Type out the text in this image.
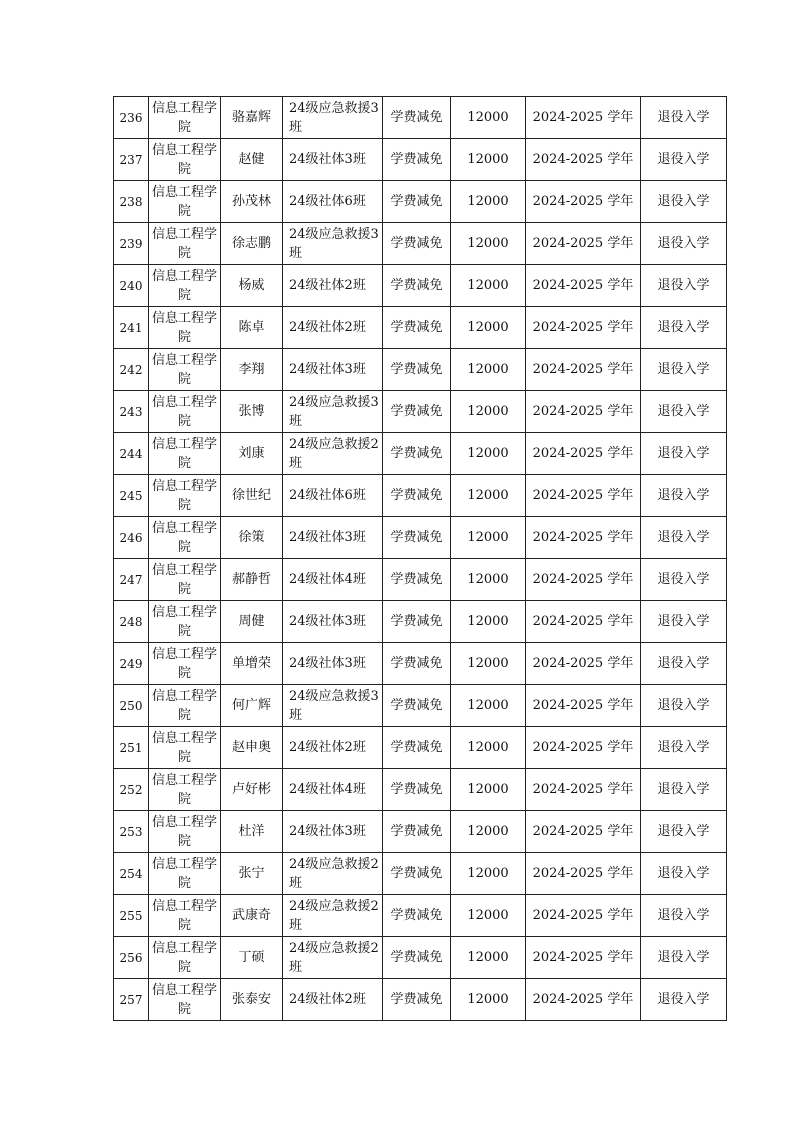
236	信息工程学院	骆嘉辉	24级应急救援3班	学费减免	12000	2024-2025 学年	退役入学
237	信息工程学院	赵健	24级社体3班	学费减免	12000	2024-2025 学年	退役入学
238	信息工程学院	孙茂林	24级社体6班	学费减免	12000	2024-2025 学年	退役入学
239	信息工程学院	徐志鹏	24级应急救援3班	学费减免	12000	2024-2025 学年	退役入学
240	信息工程学院	杨威	24级社体2班	学费减免	12000	2024-2025 学年	退役入学
241	信息工程学院	陈卓	24级社体2班	学费减免	12000	2024-2025 学年	退役入学
242	信息工程学院	李翔	24级社体3班	学费减免	12000	2024-2025 学年	退役入学
243	信息工程学院	张博	24级应急救援3班	学费减免	12000	2024-2025 学年	退役入学
244	信息工程学院	刘康	24级应急救援2班	学费减免	12000	2024-2025 学年	退役入学
245	信息工程学院	徐世纪	24级社体6班	学费减免	12000	2024-2025 学年	退役入学
246	信息工程学院	徐策	24级社体3班	学费减免	12000	2024-2025 学年	退役入学
247	信息工程学院	郝静哲	24级社体4班	学费减免	12000	2024-2025 学年	退役入学
248	信息工程学院	周健	24级社体3班	学费减免	12000	2024-2025 学年	退役入学
249	信息工程学院	单增荣	24级社体3班	学费减免	12000	2024-2025 学年	退役入学
250	信息工程学院	何广辉	24级应急救援3班	学费减免	12000	2024-2025 学年	退役入学
251	信息工程学院	赵申奥	24级社体2班	学费减免	12000	2024-2025 学年	退役入学
252	信息工程学院	卢好彬	24级社体4班	学费减免	12000	2024-2025 学年	退役入学
253	信息工程学院	杜洋	24级社体3班	学费减免	12000	2024-2025 学年	退役入学
254	信息工程学院	张宁	24级应急救援2班	学费减免	12000	2024-2025 学年	退役入学
255	信息工程学院	武康奇	24级应急救援2班	学费减免	12000	2024-2025 学年	退役入学
256	信息工程学院	丁硕	24级应急救援2班	学费减免	12000	2024-2025 学年	退役入学
257	信息工程学院	张泰安	24级社体2班	学费减免	12000	2024-2025 学年	退役入学
